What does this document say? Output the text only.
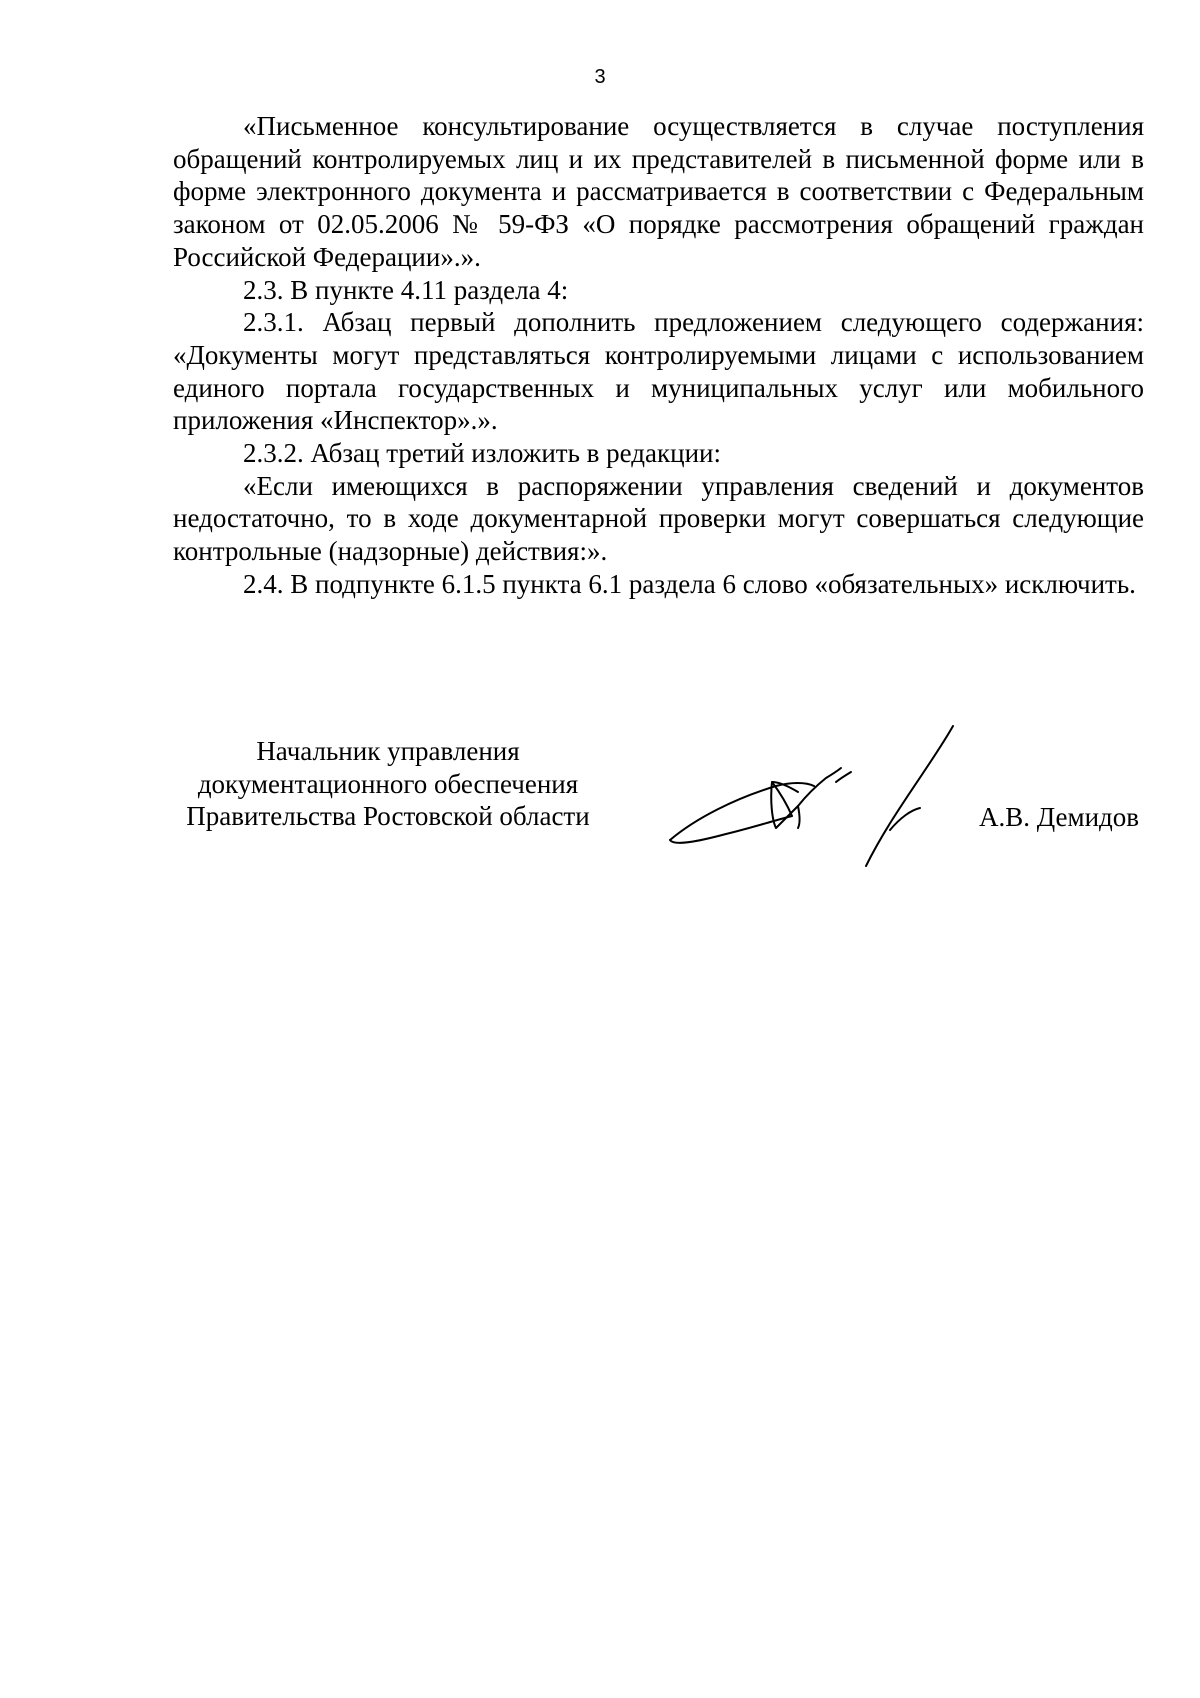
3

«Письменное консультирование осуществляется в случае поступления обращений контролируемых лиц и их представителей в письменной форме или в форме электронного документа и рассматривается в соответствии с Федеральным законом от 02.05.2006 № 59-ФЗ «О порядке рассмотрения обращений граждан Российской Федерации».».

2.3. В пункте 4.11 раздела 4:

2.3.1. Абзац первый дополнить предложением следующего содержания: «Документы могут представляться контролируемыми лицами с использованием единого портала государственных и муниципальных услуг или мобильного приложения «Инспектор».».

2.3.2. Абзац третий изложить в редакции:

«Если имеющихся в распоряжении управления сведений и документов недостаточно, то в ходе документарной проверки могут совершаться следующие контрольные (надзорные) действия:».

2.4. В подпункте 6.1.5 пункта 6.1 раздела 6 слово «обязательных» исключить.

Начальник управления
документационного обеспечения
Правительства Ростовской области	А.В. Демидов
